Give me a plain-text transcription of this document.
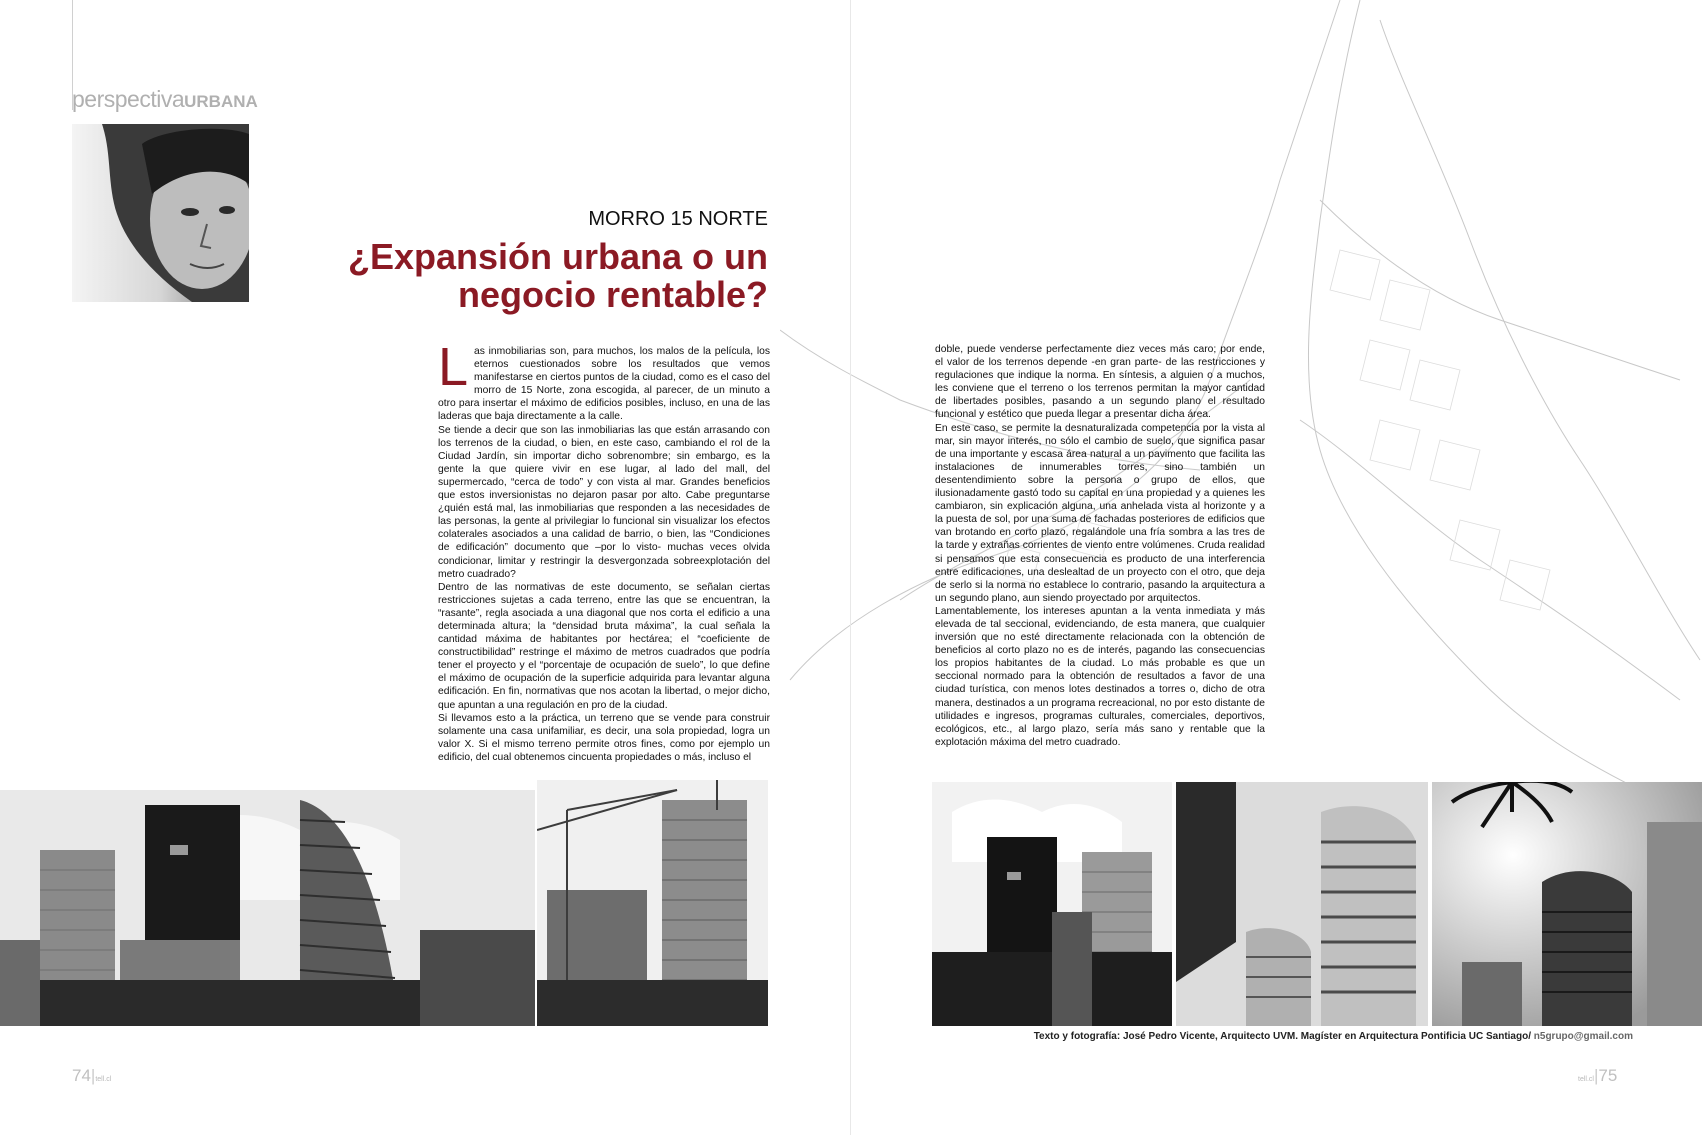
perspectivaURBANA
MORRO 15 NORTE
¿Expansión urbana o un negocio rentable?

Las inmobiliarias son, para muchos, los malos de la película, los eternos cuestionados sobre los resultados que vemos manifestarse en ciertos puntos de la ciudad, como es el caso del morro de 15 Norte, zona escogida, al parecer, de un minuto a otro para insertar el máximo de edificios posibles, incluso, en una de las laderas que baja directamente a la calle.

Se tiende a decir que son las inmobiliarias las que están arrasando con los terrenos de la ciudad, o bien, en este caso, cambiando el rol de la Ciudad Jardín, sin importar dicho sobrenombre; sin embargo, es la gente la que quiere vivir en ese lugar, al lado del mall, del supermercado, “cerca de todo” y con vista al mar. Grandes beneficios que estos inversionistas no dejaron pasar por alto. Cabe preguntarse ¿quién está mal, las inmobiliarias que responden a las necesidades de las personas, la gente al privilegiar lo funcional sin visualizar los efectos colaterales asociados a una calidad de barrio, o bien, las “Condiciones de edificación” documento que –por lo visto- muchas veces olvida condicionar, limitar y restringir la desvergonzada sobreexplotación del metro cuadrado?

Dentro de las normativas de este documento, se señalan ciertas restricciones sujetas a cada terreno, entre las que se encuentran, la “rasante”, regla asociada a una diagonal que nos corta el edificio a una determinada altura; la “densidad bruta máxima”, la cual señala la cantidad máxima de habitantes por hectárea; el “coeficiente de constructibilidad” restringe el máximo de metros cuadrados que podría tener el proyecto y el “porcentaje de ocupación de suelo”, lo que define el máximo de ocupación de la superficie adquirida para levantar alguna edificación. En fin, normativas que nos acotan la libertad, o mejor dicho, que apuntan a una regulación en pro de la ciudad.

Si llevamos esto a la práctica, un terreno que se vende para construir solamente una casa unifamiliar, es decir, una sola propiedad, logra un valor X. Si el mismo terreno permite otros fines, como por ejemplo un edificio, del cual obtenemos cincuenta propiedades o más, incluso el

doble, puede venderse perfectamente diez veces más caro; por ende, el valor de los terrenos depende -en gran parte- de las restricciones y regulaciones que indique la norma. En síntesis, a alguien o a muchos, les conviene que el terreno o los terrenos permitan la mayor cantidad de libertades posibles, pasando a un segundo plano el resultado funcional y estético que pueda llegar a presentar dicha área.

En este caso, se permite la desnaturalizada competencia por la vista al mar, sin mayor interés, no sólo el cambio de suelo, que significa pasar de una importante y escasa área natural a un pavimento que facilita las instalaciones de innumerables torres, sino también un desentendimiento sobre la persona o grupo de ellos, que ilusionadamente gastó todo su capital en una propiedad y a quienes les cambiaron, sin explicación alguna, una anhelada vista al horizonte y a la puesta de sol, por una suma de fachadas posteriores de edificios que van brotando en corto plazo, regalándole una fría sombra a las tres de la tarde y extrañas corrientes de viento entre volúmenes. Cruda realidad si pensamos que esta consecuencia es producto de una interferencia entre edificaciones, una deslealtad de un proyecto con el otro, que deja de serlo si la norma no establece lo contrario, pasando la arquitectura a un segundo plano, aun siendo proyectado por arquitectos.

Lamentablemente, los intereses apuntan a la venta inmediata y más elevada de tal seccional, evidenciando, de esta manera, que cualquier inversión que no esté directamente relacionada con la obtención de beneficios al corto plazo no es de interés, pagando las consecuencias los propios habitantes de la ciudad. Lo más probable es que un seccional normado para la obtención de resultados a favor de una ciudad turística, con menos lotes destinados a torres o, dicho de otra manera, destinados a un programa recreacional, no por esto distante de utilidades e ingresos, programas culturales, comerciales, deportivos, ecológicos, etc., al largo plazo, sería más sano y rentable que la explotación máxima del metro cuadrado.

Texto y fotografía: José Pedro Vicente, Arquitecto UVM. Magíster en Arquitectura Pontificia UC Santiago/ n5grupo@gmail.com
74|tell.cl	tell.cl|75
